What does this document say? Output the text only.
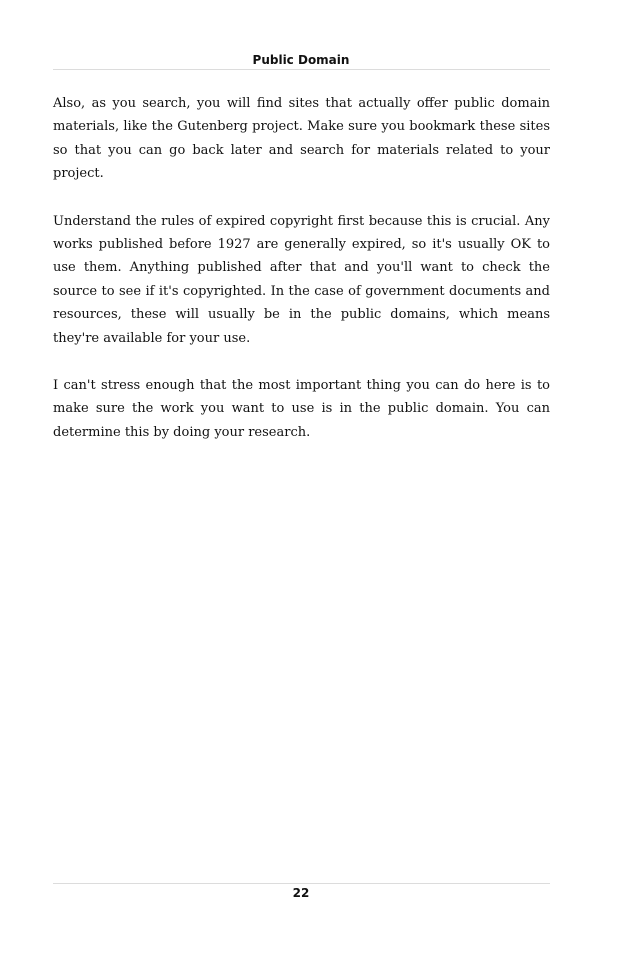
Public Domain

Also, as you search, you will find sites that actually offer public domain materials, like the Gutenberg project. Make sure you bookmark these sites so that you can go back later and search for materials related to your project.

Understand the rules of expired copyright first because this is crucial. Any works published before 1927 are generally expired, so it's usually OK to use them. Anything published after that and you'll want to check the source to see if it's copyrighted. In the case of government documents and resources, these will usually be in the public domains, which means they're available for your use.

I can't stress enough that the most important thing you can do here is to make sure the work you want to use is in the public domain. You can determine this by doing your research.

22
